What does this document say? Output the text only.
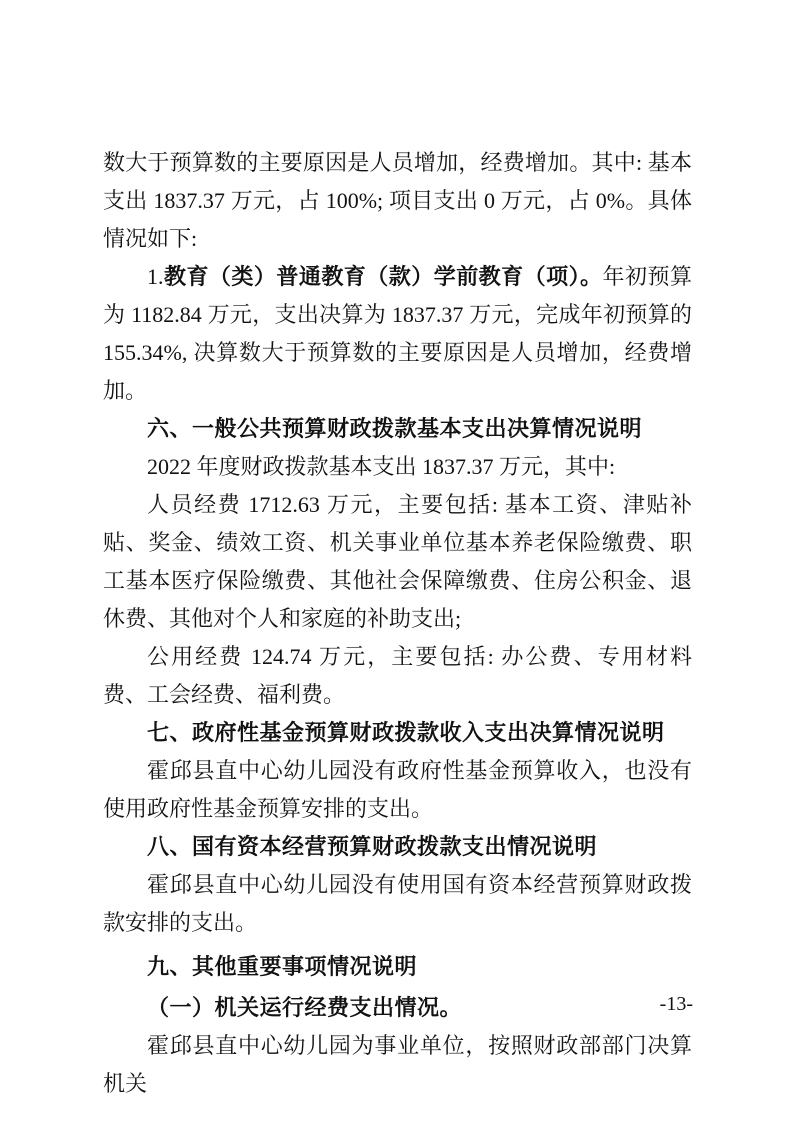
数大于预算数的主要原因是人员增加，经费增加。其中: 基本支出 1837.37 万元，占 100%; 项目支出 0 万元，占 0%。具体情况如下:

1.教育（类）普通教育（款）学前教育（项）。年初预算为 1182.84 万元，支出决算为 1837.37 万元，完成年初预算的 155.34%, 决算数大于预算数的主要原因是人员增加，经费增加。

六、一般公共预算财政拨款基本支出决算情况说明

2022 年度财政拨款基本支出 1837.37 万元，其中:

人员经费 1712.63 万元，主要包括: 基本工资、津贴补贴、奖金、绩效工资、机关事业单位基本养老保险缴费、职工基本医疗保险缴费、其他社会保障缴费、住房公积金、退休费、其他对个人和家庭的补助支出;

公用经费 124.74 万元，主要包括: 办公费、专用材料费、工会经费、福利费。

七、政府性基金预算财政拨款收入支出决算情况说明

霍邱县直中心幼儿园没有政府性基金预算收入，也没有使用政府性基金预算安排的支出。

八、国有资本经营预算财政拨款支出情况说明

霍邱县直中心幼儿园没有使用国有资本经营预算财政拨款安排的支出。

九、其他重要事项情况说明

（一）机关运行经费支出情况。

霍邱县直中心幼儿园为事业单位，按照财政部部门决算机关

-13-
